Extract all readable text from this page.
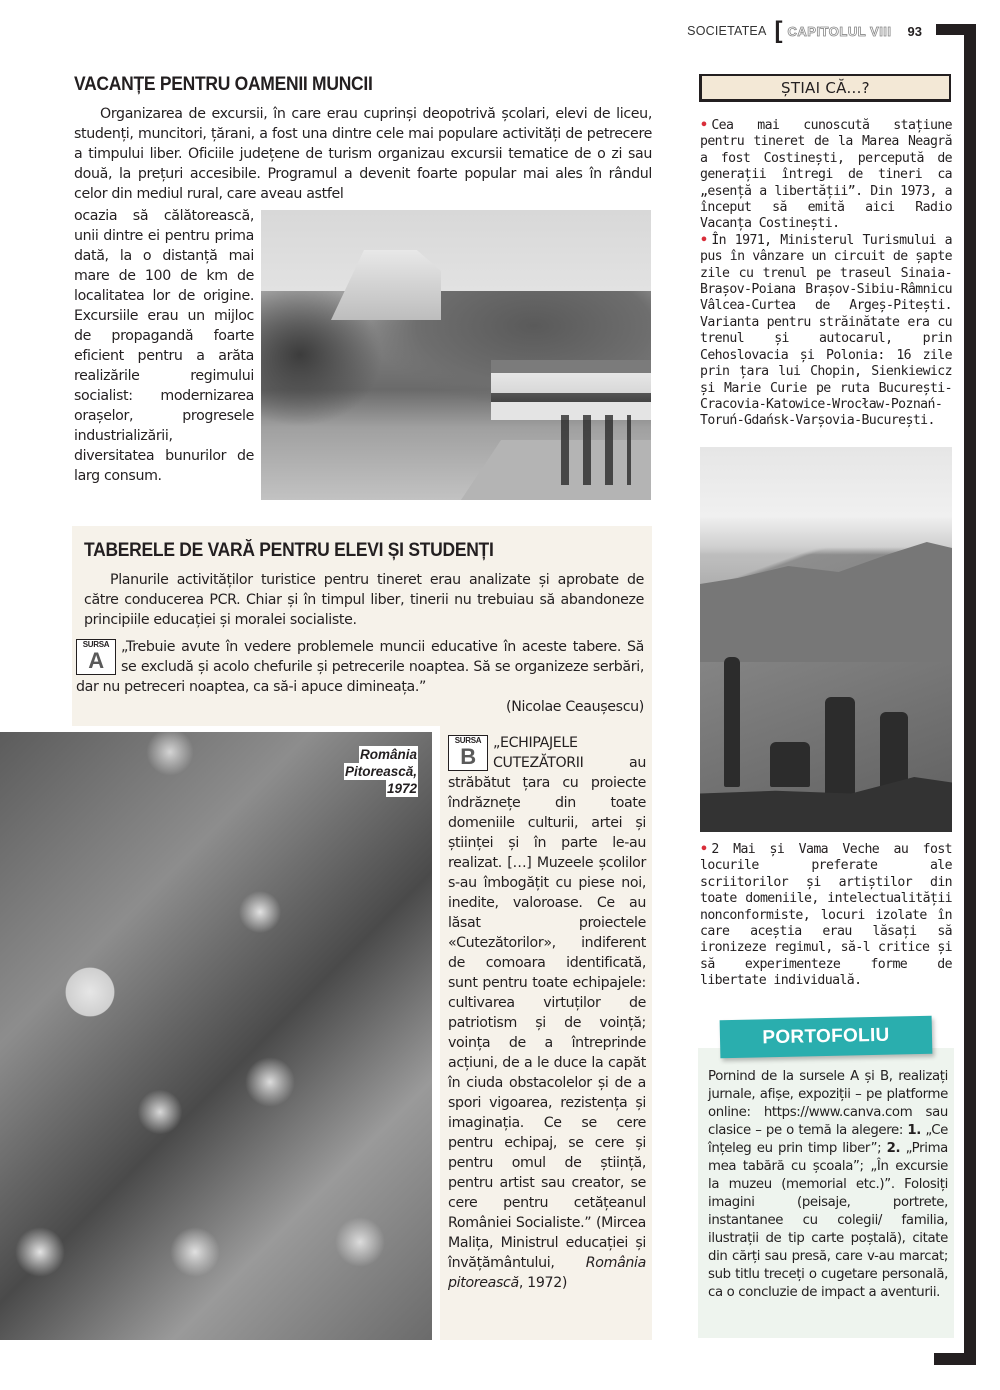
SOCIETATEA [ CAPITOLUL VIII 93
VACANȚE PENTRU OAMENII MUNCII

Organizarea de excursii, în care erau cuprinși deopotrivă școlari, elevi de liceu, studenți, muncitori, țărani, a fost una dintre cele mai populare activități de petrecere a timpului liber. Oficiile județene de turism organizau excursii tematice de o zi sau două, la prețuri accesibile. Programul a devenit foarte popular mai ales în rândul celor din mediul rural, care aveau astfel

ocazia să călătorească, unii dintre ei pentru prima dată, la o distanță mai mare de 100 de km de localitatea lor de origine. Excursiile erau un mijloc de propagandă foarte eficient pentru a arăta realizările regimului socialist: modernizarea orașelor, progresele industrializării, diversitatea bunurilor de larg consum.

TABERELE DE VARĂ PENTRU ELEVI ȘI STUDENȚI

Planurile activităților turistice pentru tineret erau analizate și aprobate de către conducerea PCR. Chiar și în timpul liber, tinerii nu trebuiau să abandoneze principiile educației și moralei socialiste.

SURSA
A
„Trebuie avute în vedere problemele muncii educative în aceste tabere. Să se excludă și acolo chefurile și petrecerile noaptea. Să se organizeze serbări, dar nu petreceri noaptea, ca să-i apuce dimineața.”
(Nicolae Ceaușescu)
România
Pitorească,
1972
SURSA
B
„ECHIPAJELE CUTEZĂTORII au străbătut țara cu proiecte îndrăznețe din toate domeniile culturii, artei și științei și în parte le-au realizat. […] Muzeele școlilor s-au îmbogățit cu piese noi, inedite, valoroase. Ce au lăsat proiectele «Cutezătorilor», indiferent de comoara identificată, sunt pentru toate echipajele: cultivarea virtuților de patriotism și de voință; voința de a întreprinde acțiuni, de a le duce la capăt în ciuda obstacolelor și de a spori vigoarea, rezistența și imaginația. Ce se cere pentru echipaj, se cere și pentru omul de știință, pentru artist sau creator, se cere pentru cetățeanul României Socialiste.” (Mircea Malița, Ministrul educației și învățământului, România pitorească, 1972)
ȘTIAI CĂ...?

• Cea mai cunoscută stațiune pentru tineret de la Marea Neagră a fost Costinești, percepută de generații întregi de tineri ca „esență a libertății”. Din 1973, a început să emită aici Radio Vacanța Costinești.

• În 1971, Ministerul Turismului a pus în vânzare un circuit de șapte zile cu trenul pe traseul Sinaia-Brașov-Poiana Brașov-Sibiu-Râmnicu Vâlcea-Curtea de Argeș-Pitești. Varianta pentru străinătate era cu trenul și autocarul, prin Cehoslovacia și Polonia: 16 zile prin țara lui Chopin, Sienkiewicz și Marie Curie pe ruta București-Cracovia-Katowice-Wrocław-Poznań-Toruń-Gdańsk-Varșovia-București.

• 2 Mai și Vama Veche au fost locurile preferate ale scriitorilor și artiștilor din toate domeniile, intelectualității nonconformiste, locuri izolate în care aceștia erau lăsați să ironizeze regimul, să-l critice și să experimenteze forme de libertate individuală.

PORTOFOLIU

Pornind de la sursele A și B, realizați jurnale, afișe, expoziții – pe platforme online: https://www.canva.com sau clasice – pe o temă la alegere: 1. „Ce înțeleg eu prin timp liber”; 2. „Prima mea tabără cu școala”; „În excursie la muzeu (memorial etc.)”. Folosiți imagini (peisaje, portrete, instantanee cu colegii/ familia, ilustrații de tip carte poștală), citate din cărți sau presă, care v-au marcat; sub titlu treceți o cugetare personală, ca o concluzie de impact a aventurii.
